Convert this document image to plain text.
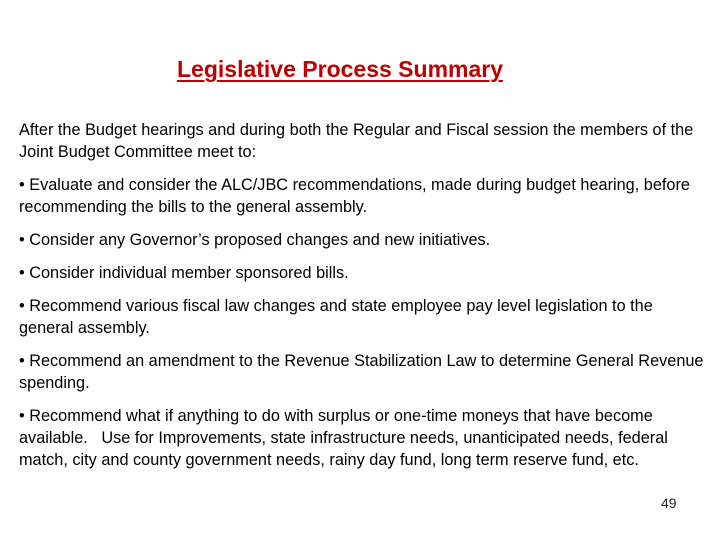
Legislative Process Summary

After the Budget hearings and during both the Regular and Fiscal session the members of the Joint Budget Committee meet to:

• Evaluate and consider the ALC/JBC recommendations, made during budget hearing, before recommending the bills to the general assembly.

• Consider any Governor’s proposed changes and new initiatives.

• Consider individual member sponsored bills.

• Recommend various fiscal law changes and state employee pay level legislation to the general assembly.

• Recommend an amendment to the Revenue Stabilization Law to determine General Revenue spending.

• Recommend what if anything to do with surplus or one-time moneys that have become available.   Use for Improvements, state infrastructure needs, unanticipated needs, federal match, city and county government needs, rainy day fund, long term reserve fund, etc.

49
